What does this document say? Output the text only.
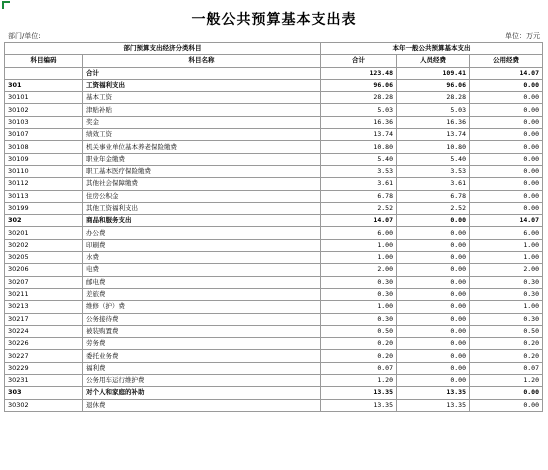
一般公共预算基本支出表
部门/单位:	单位：万元
部门预算支出经济分类科目		本年一般公共预算基本支出		
科目编码	科目名称	合计	人员经费	公用经费
	合计	123.48	109.41	14.07
301	工资福利支出	96.06	96.06	0.00
30101	基本工资	28.28	28.28	0.00
30102	津贴补贴	5.03	5.03	0.00
30103	奖金	16.36	16.36	0.00
30107	绩效工资	13.74	13.74	0.00
30108	机关事业单位基本养老保险缴费	10.80	10.80	0.00
30109	职业年金缴费	5.40	5.40	0.00
30110	职工基本医疗保险缴费	3.53	3.53	0.00
30112	其他社会保障缴费	3.61	3.61	0.00
30113	住房公积金	6.78	6.78	0.00
30199	其他工资福利支出	2.52	2.52	0.00
302	商品和服务支出	14.07	0.00	14.07
30201	办公费	6.00	0.00	6.00
30202	印刷费	1.00	0.00	1.00
30205	水费	1.00	0.00	1.00
30206	电费	2.00	0.00	2.00
30207	邮电费	0.30	0.00	0.30
30211	差旅费	0.30	0.00	0.30
30213	维修（护）费	1.00	0.00	1.00
30217	公务接待费	0.30	0.00	0.30
30224	被装购置费	0.50	0.00	0.50
30226	劳务费	0.20	0.00	0.20
30227	委托业务费	0.20	0.00	0.20
30229	福利费	0.07	0.00	0.07
30231	公务用车运行维护费	1.20	0.00	1.20
303	对个人和家庭的补助	13.35	13.35	0.00
30302	退休费	13.35	13.35	0.00
